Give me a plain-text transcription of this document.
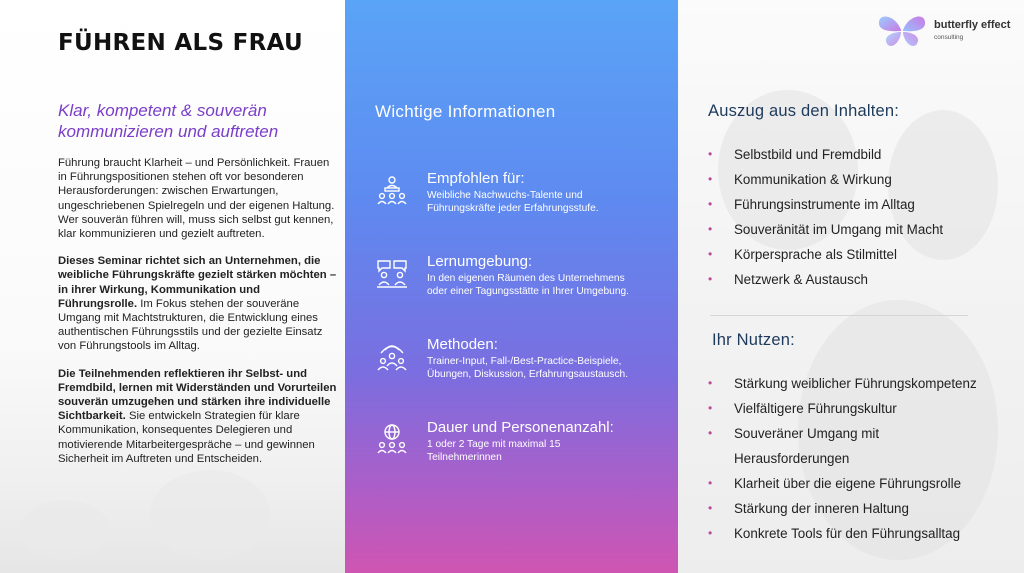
FÜHREN ALS FRAU
Klar, kompetent & souverän kommunizieren und auftreten

Führung braucht Klarheit – und Persönlichkeit. Frauen in Führungspositionen stehen oft vor besonderen Herausforderungen: zwischen Erwartungen, ungeschriebenen Spielregeln und der eigenen Haltung. Wer souverän führen will, muss sich selbst gut kennen, klar kommunizieren und gezielt auftreten.

Dieses Seminar richtet sich an Unternehmen, die weibliche Führungskräfte gezielt stärken möchten – in ihrer Wirkung, Kommunikation und Führungsrolle. Im Fokus stehen der souveräne Umgang mit Machtstrukturen, die Entwicklung eines authentischen Führungsstils und der gezielte Einsatz von Führungstools im Alltag.

Die Teilnehmenden reflektieren ihr Selbst- und Fremdbild, lernen mit Widerständen und Vorurteilen souverän umzugehen und stärken ihre individuelle Sichtbarkeit. Sie entwickeln Strategien für klare Kommunikation, konsequentes Delegieren und motivierende Mitarbeitergespräche – und gewinnen Sicherheit im Auftreten und Entscheiden.

Wichtige Informationen
Empfohlen für:
Weibliche Nachwuchs-Talente und Führungskräfte jeder Erfahrungsstufe.
Lernumgebung:
In den eigenen Räumen des Unternehmens oder einer Tagungsstätte in Ihrer Umgebung.
Methoden:
Trainer-Input, Fall-/Best-Practice-Beispiele, Übungen, Diskussion, Erfahrungsaustausch.
Dauer und Personenanzahl:
1 oder 2 Tage mit maximal 15 Teilnehmerinnen
butterfly effect
consulting
Auszug aus den Inhalten:
• Selbstbild und Fremdbild
• Kommunikation & Wirkung
• Führungsinstrumente im Alltag
• Souveränität im Umgang mit Macht
• Körpersprache als Stilmittel
• Netzwerk & Austausch
Ihr Nutzen:
• Stärkung weiblicher Führungskompetenz
• Vielfältigere Führungskultur
• Souveräner Umgang mit Herausforderungen
• Klarheit über die eigene Führungsrolle
• Stärkung der inneren Haltung
• Konkrete Tools für den Führungsalltag
